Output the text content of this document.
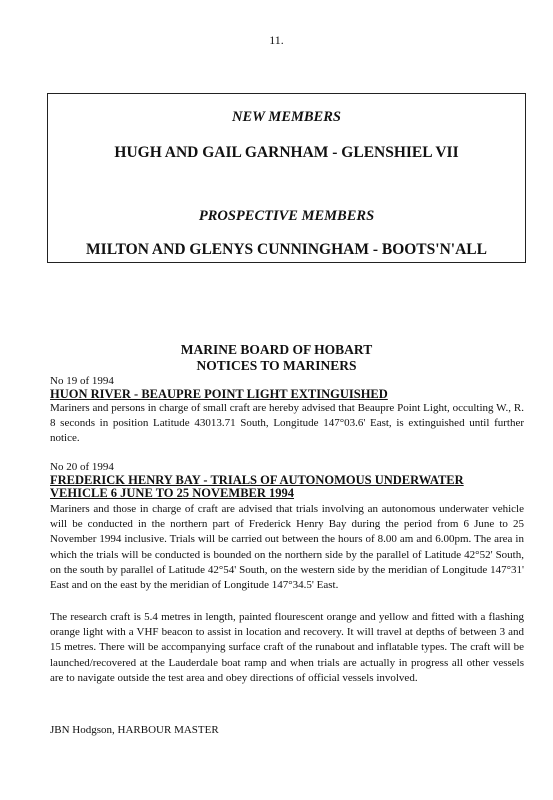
11.
NEW MEMBERS
HUGH AND GAIL GARNHAM - GLENSHIEL VII
PROSPECTIVE MEMBERS
MILTON AND GLENYS CUNNINGHAM - BOOTS'N'ALL
MARINE BOARD OF HOBART
NOTICES TO MARINERS
No 19 of 1994
HUON RIVER - BEAUPRE POINT LIGHT EXTINGUISHED
Mariners and persons in charge of small craft are hereby advised that Beaupre Point Light, occulting W., R. 8 seconds in position Latitude 43013.71 South, Longitude 147°03.6' East, is extinguished until further notice.
No 20 of 1994
FREDERICK HENRY BAY - TRIALS OF AUTONOMOUS UNDERWATER VEHICLE 6 JUNE TO 25 NOVEMBER 1994
Mariners and those in charge of craft are advised that trials involving an autonomous underwater vehicle will be conducted in the northern part of Frederick Henry Bay during the period from 6 June to 25 November 1994 inclusive. Trials will be carried out between the hours of 8.00 am and 6.00pm. The area in which the trials will be conducted is bounded on the northern side by the parallel of Latitude 42°52' South, on the south by parallel of Latitude 42°54' South, on the western side by the meridian of Longitude 147°31' East and on the east by the meridian of Longitude 147°34.5' East.
The research craft is 5.4 metres in length, painted flourescent orange and yellow and fitted with a flashing orange light with a VHF beacon to assist in location and recovery. It will travel at depths of between 3 and 15 metres. There will be accompanying surface craft of the runabout and inflatable types. The craft will be launched/recovered at the Lauderdale boat ramp and when trials are actually in progress all other vessels are to navigate outside the test area and obey directions of official vessels involved.
JBN Hodgson, HARBOUR MASTER
